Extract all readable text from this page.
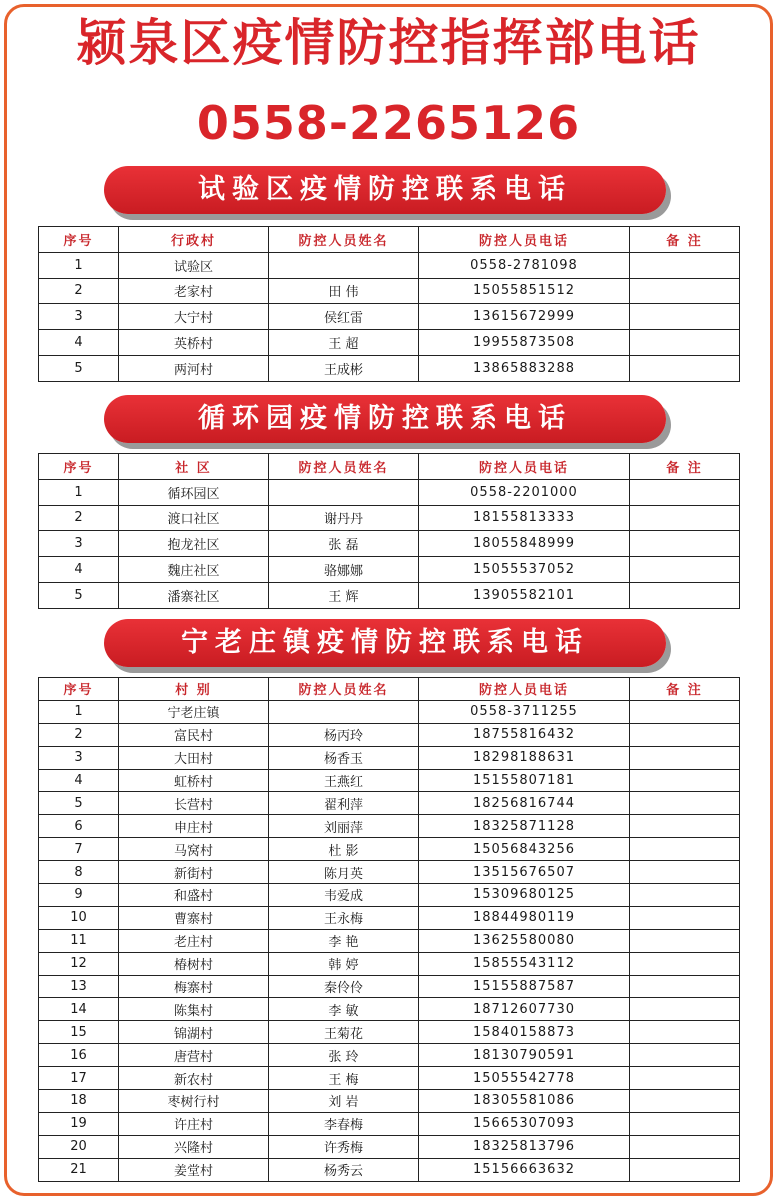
颍泉区疫情防控指挥部电话
0558-2265126
试验区疫情防控联系电话
序号	行政村	防控人员姓名	防控人员电话	备 注
1	试验区		0558-2781098	
2	老家村	田 伟	15055851512	
3	大宁村	侯红雷	13615672999	
4	英桥村	王 超	19955873508	
5	两河村	王成彬	13865883288	
循环园疫情防控联系电话
序号	社 区	防控人员姓名	防控人员电话	备 注
1	循环园区		0558-2201000	
2	渡口社区	谢丹丹	18155813333	
3	抱龙社区	张 磊	18055848999	
4	魏庄社区	骆娜娜	15055537052	
5	潘寨社区	王 辉	13905582101	
宁老庄镇疫情防控联系电话
序号	村 别	防控人员姓名	防控人员电话	备 注
1	宁老庄镇		0558-3711255	
2	富民村	杨丙玲	18755816432	
3	大田村	杨香玉	18298188631	
4	虹桥村	王燕红	15155807181	
5	长营村	翟利萍	18256816744	
6	申庄村	刘丽萍	18325871128	
7	马窝村	杜 影	15056843256	
8	新街村	陈月英	13515676507	
9	和盛村	韦爱成	15309680125	
10	曹寨村	王永梅	18844980119	
11	老庄村	李 艳	13625580080	
12	椿树村	韩 婷	15855543112	
13	梅寨村	秦伶伶	15155887587	
14	陈集村	李 敏	18712607730	
15	锦湖村	王菊花	15840158873	
16	唐营村	张 玲	18130790591	
17	新农村	王 梅	15055542778	
18	枣树行村	刘 岩	18305581086	
19	许庄村	李春梅	15665307093	
20	兴隆村	许秀梅	18325813796	
21	姜堂村	杨秀云	15156663632	
